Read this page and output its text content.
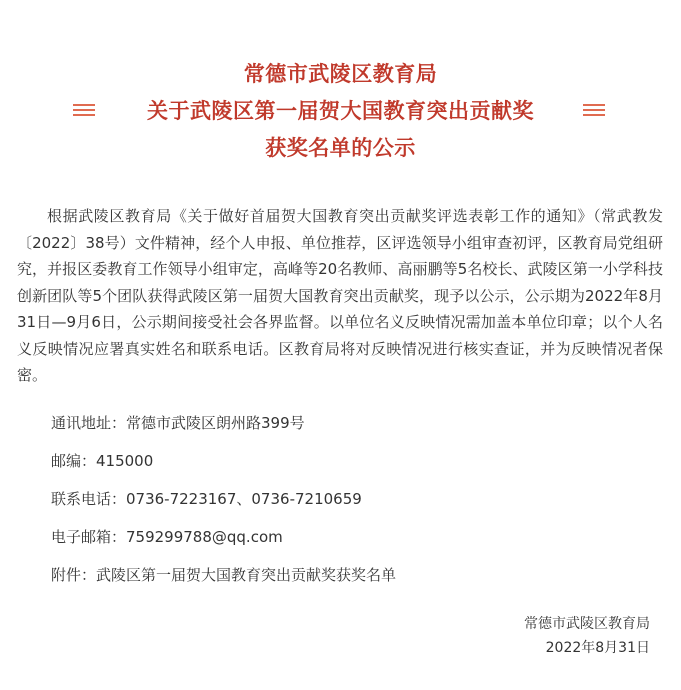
常德市武陵区教育局
关于武陵区第一届贺大国教育突出贡献奖
获奖名单的公示

根据武陵区教育局《关于做好首届贺大国教育突出贡献奖评选表彰工作的通知》（常武教发〔2022〕38号）文件精神，经个人申报、单位推荐，区评选领导小组审查初评，区教育局党组研究，并报区委教育工作领导小组审定，高峰等20名教师、高丽鹏等5名校长、武陵区第一小学科技创新团队等5个团队获得武陵区第一届贺大国教育突出贡献奖，现予以公示，公示期为2022年8月31日—9月6日，公示期间接受社会各界监督。以单位名义反映情况需加盖本单位印章；以个人名义反映情况应署真实姓名和联系电话。区教育局将对反映情况进行核实查证，并为反映情况者保密。

通讯地址：常德市武陵区朗州路399号
邮编：415000
联系电话：0736-7223167、0736-7210659
电子邮箱：759299788@qq.com
附件：武陵区第一届贺大国教育突出贡献奖获奖名单
常德市武陵区教育局
2022年8月31日
